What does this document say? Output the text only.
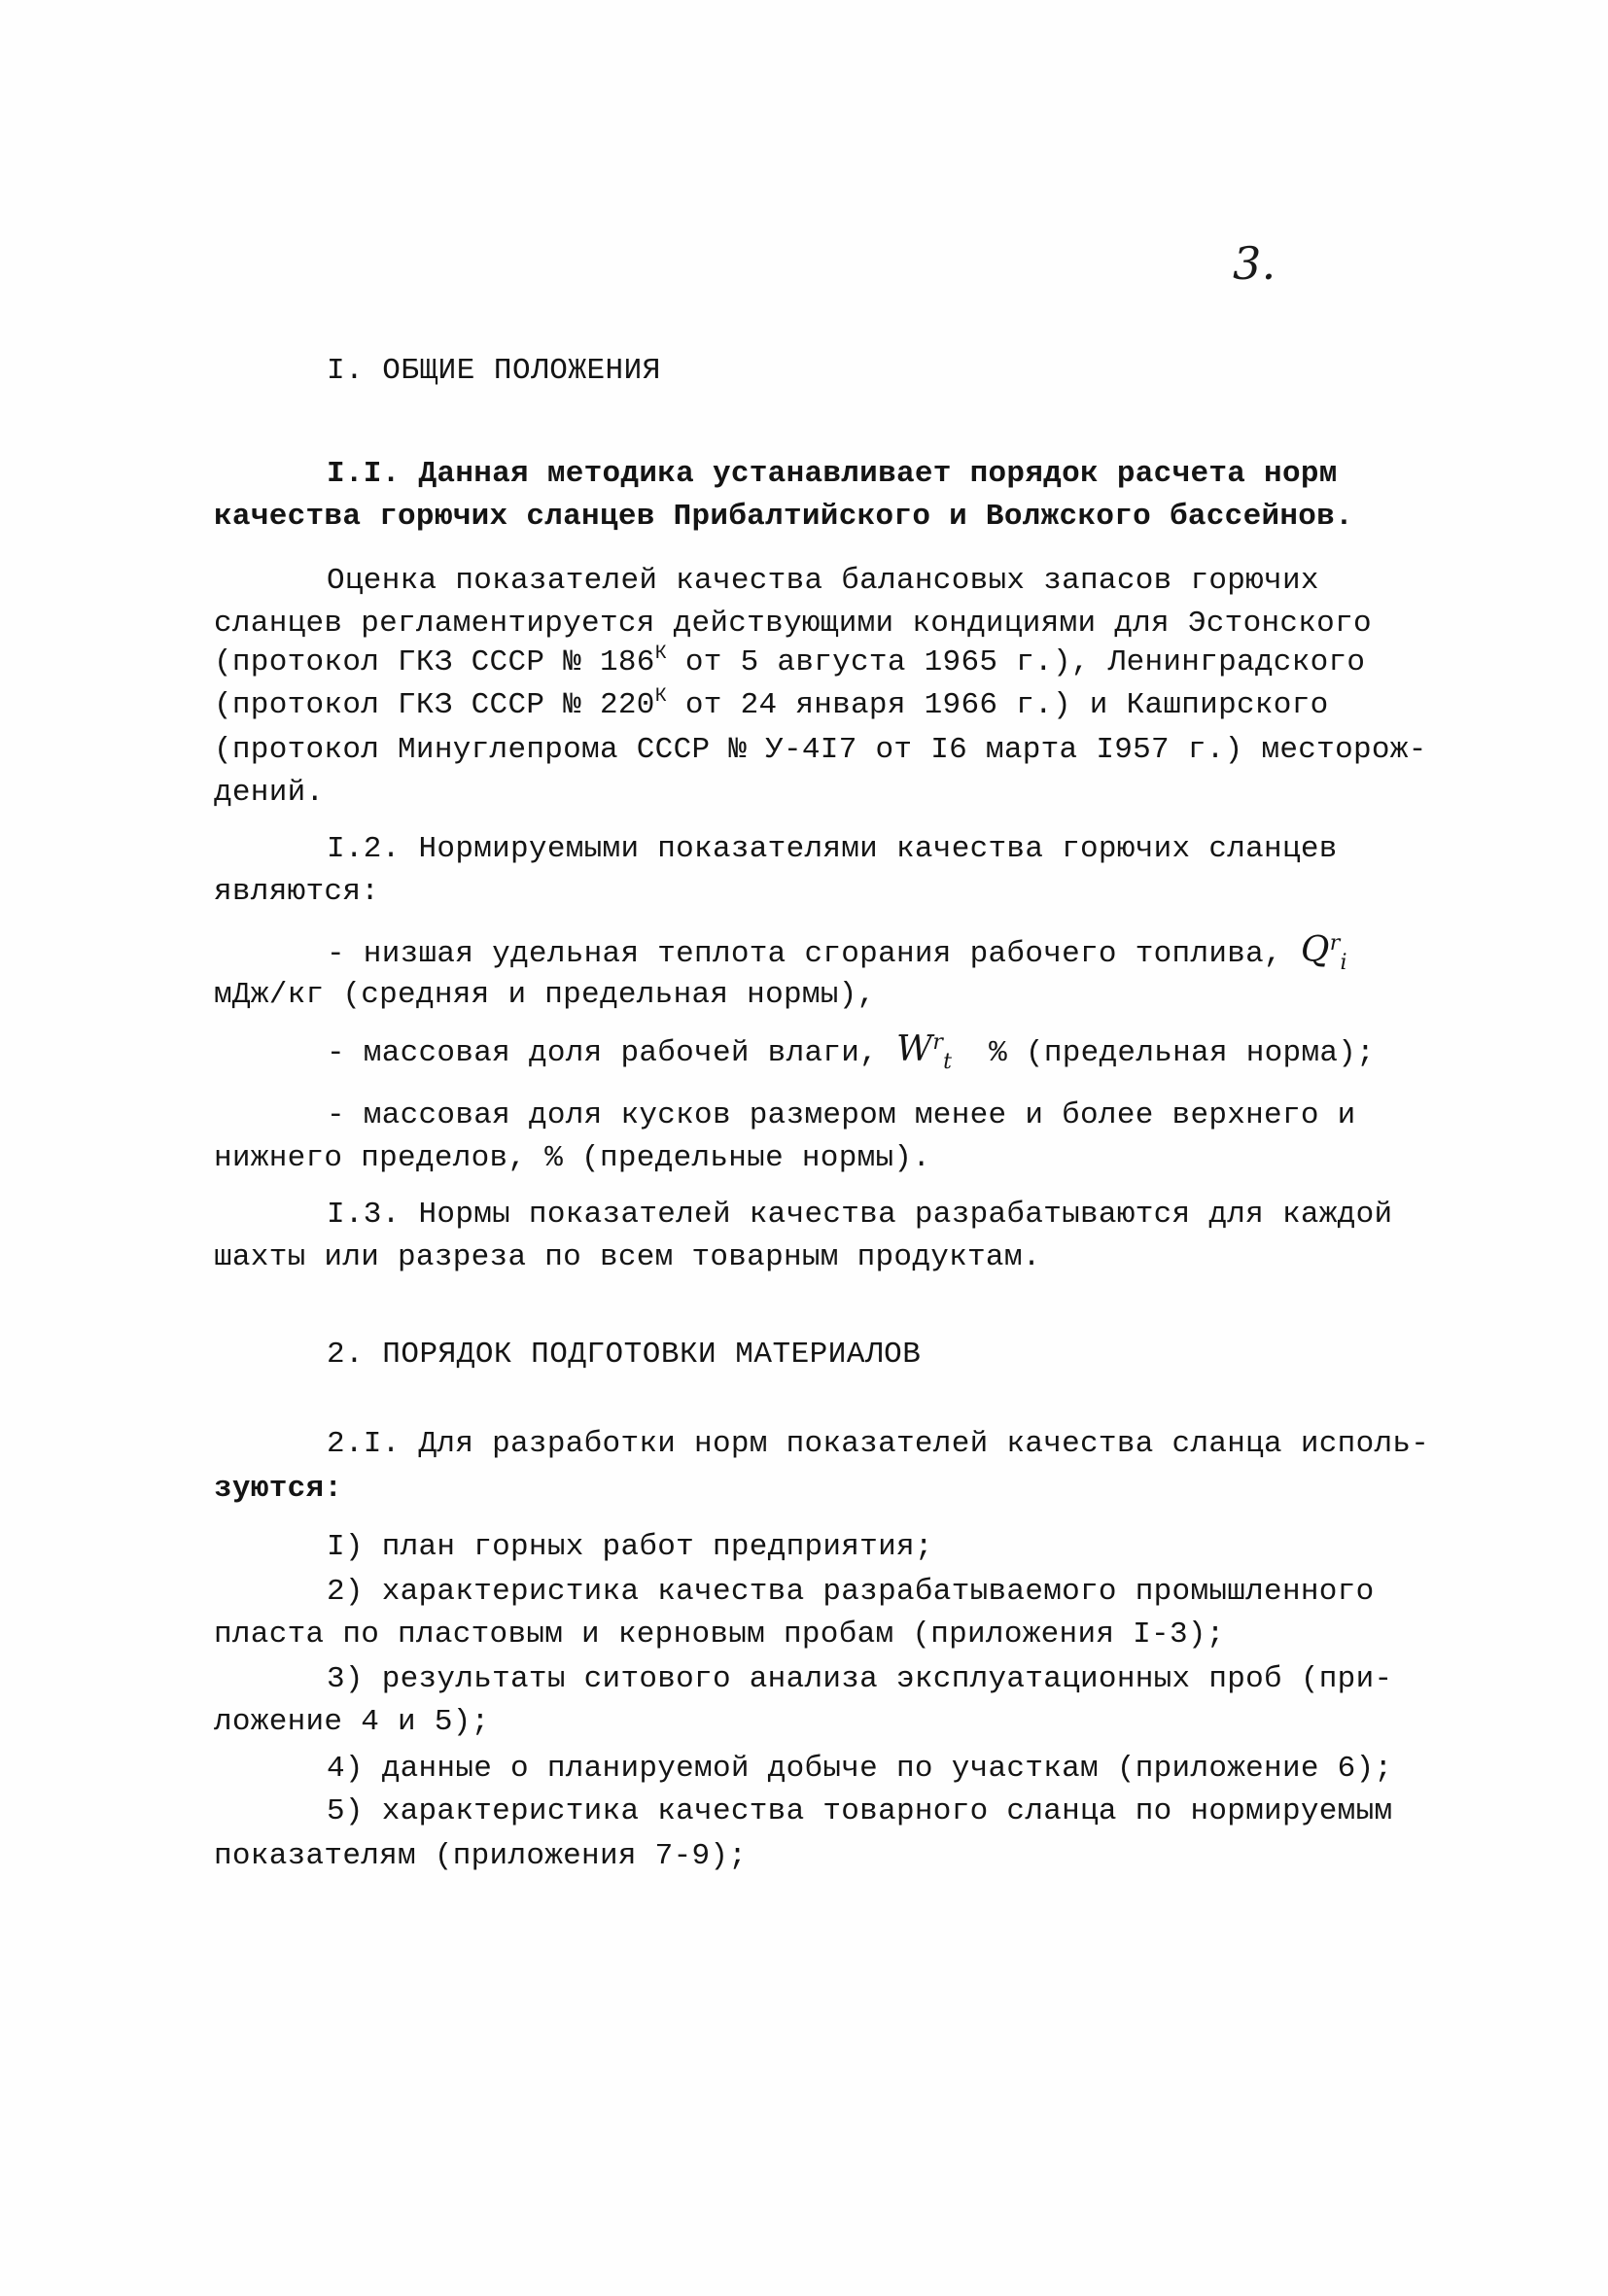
3.
I. ОБЩИЕ ПОЛОЖЕНИЯ
I.I. Данная методика устанавливает порядок расчета норм
качества горючих сланцев Прибалтийского и Волжского бассейнов.
Оценка показателей качества балансовых запасов горючих
сланцев регламентируется действующими кондициями для Эстонского
(протокол ГКЗ СССР № $186^К$ от 5 августа 1965 г.), Ленинградского
(протокол ГКЗ СССР № $220^К$ от 24 января 1966 г.) и Кашпирского
(протокол Минуглепрома СССР № У-4I7 от I6 марта I957 г.) месторож-
дений.
I.2. Нормируемыми показателями качества горючих сланцев
являются:
- низшая удельная теплота сгорания рабочего топлива, $Q^r_i$
мДж/кг (средняя и предельная нормы),
- массовая доля рабочей влаги, $W^r_t$ % (предельная норма);
- массовая доля кусков размером менее и более верхнего и
нижнего пределов, % (предельные нормы).
I.3. Нормы показателей качества разрабатываются для каждой
шахты или разреза по всем товарным продуктам.
2. ПОРЯДОК ПОДГОТОВКИ МАТЕРИАЛОВ
2.I. Для разработки норм показателей качества сланца исполь-
зуются:
I) план горных работ предприятия;
2) характеристика качества разрабатываемого промышленного
пласта по пластовым и керновым пробам (приложения I-3);
3) результаты ситового анализа эксплуатационных проб (при-
ложение 4 и 5);
4) данные о планируемой добыче по участкам (приложение 6);
5) характеристика качества товарного сланца по нормируемым
показателям (приложения 7-9);
